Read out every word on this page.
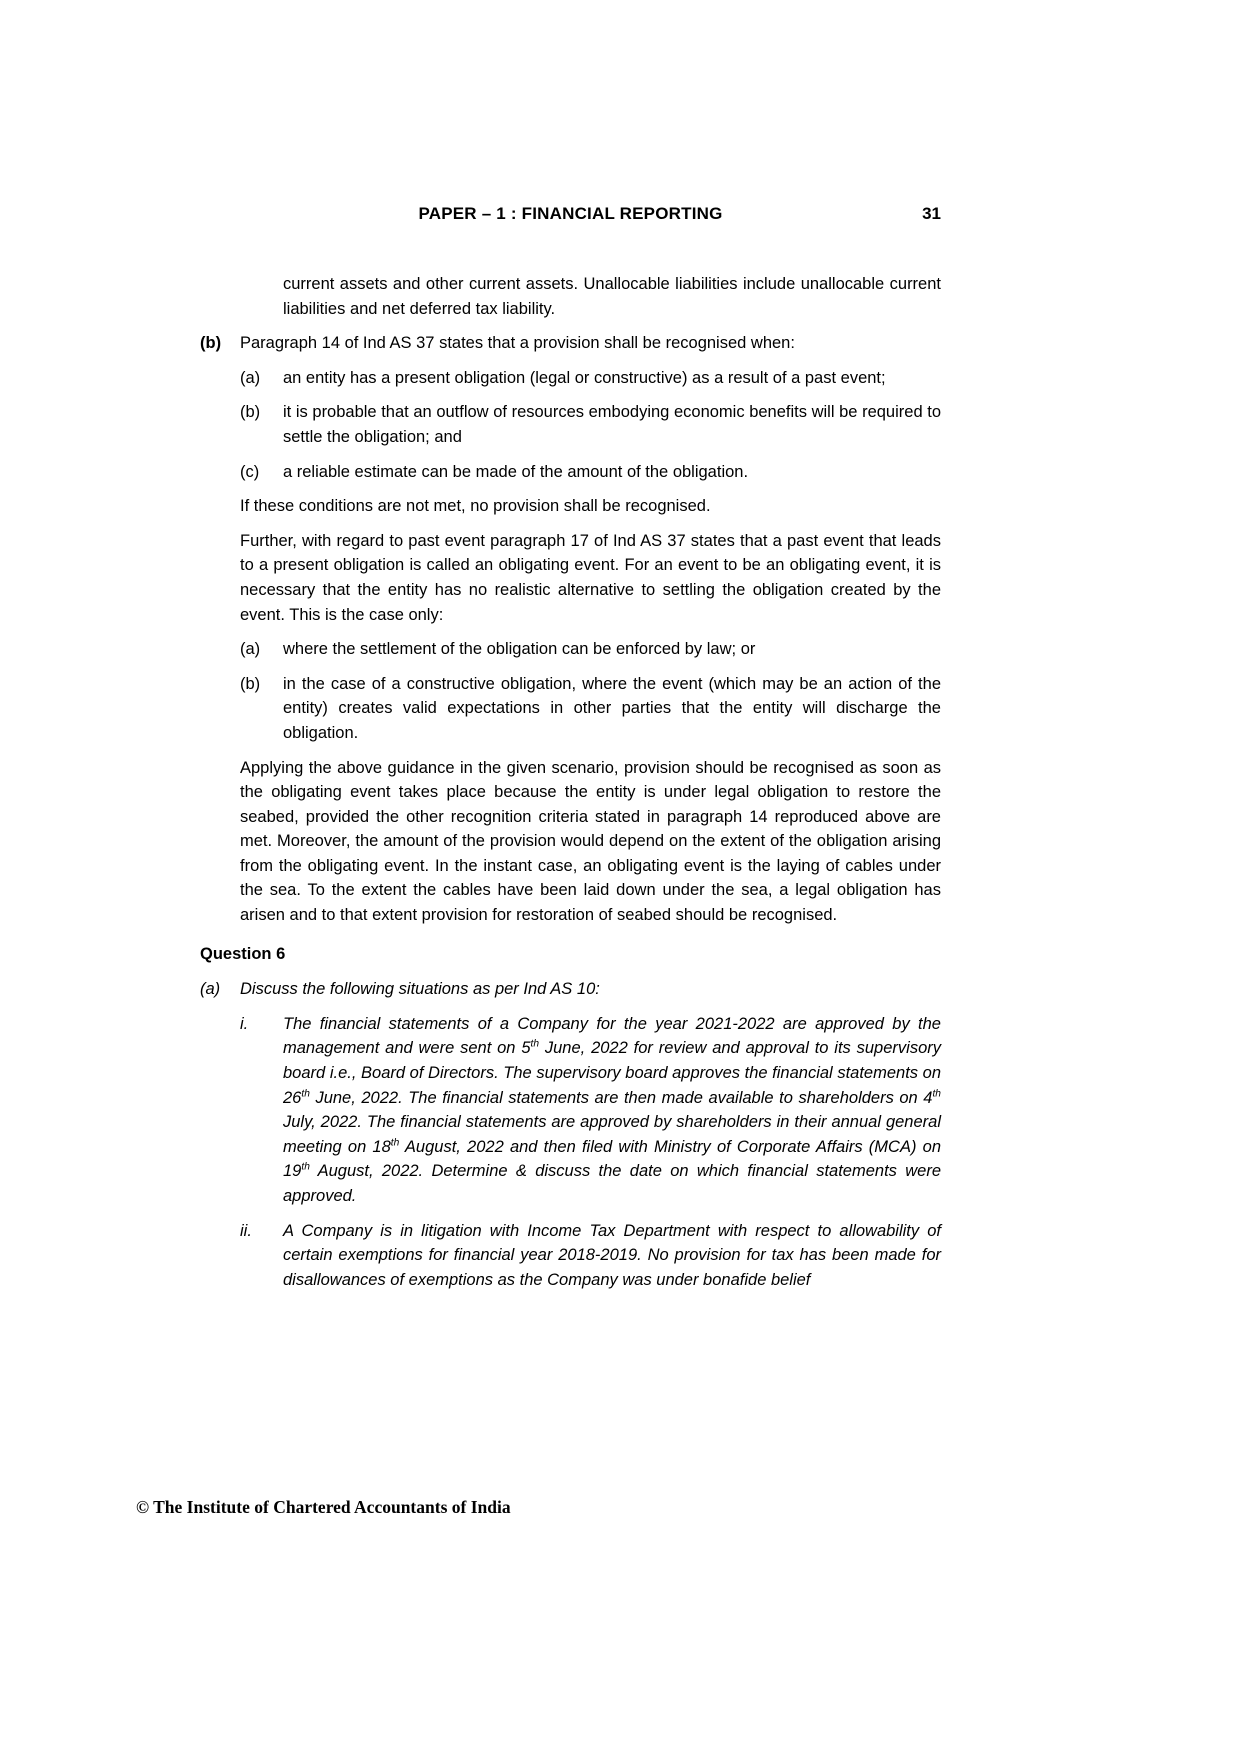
PAPER – 1 : FINANCIAL REPORTING	31

current assets and other current assets. Unallocable liabilities include unallocable current liabilities and net deferred tax liability.

(b)	Paragraph 14 of Ind AS 37 states that a provision shall be recognised when:

(a)	an entity has a present obligation (legal or constructive) as a result of a past event;

(b)	it is probable that an outflow of resources embodying economic benefits will be required to settle the obligation; and

(c)	a reliable estimate can be made of the amount of the obligation.

If these conditions are not met, no provision shall be recognised.

Further, with regard to past event paragraph 17 of Ind AS 37 states that a past event that leads to a present obligation is called an obligating event. For an event to be an obligating event, it is necessary that the entity has no realistic alternative to settling the obligation created by the event. This is the case only:

(a)	where the settlement of the obligation can be enforced by law; or

(b)	in the case of a constructive obligation, where the event (which may be an action of the entity) creates valid expectations in other parties that the entity will discharge the obligation.

Applying the above guidance in the given scenario, provision should be recognised as soon as the obligating event takes place because the entity is under legal obligation to restore the seabed, provided the other recognition criteria stated in paragraph 14 reproduced above are met. Moreover, the amount of the provision would depend on the extent of the obligation arising from the obligating event. In the instant case, an obligating event is the laying of cables under the sea. To the extent the cables have been laid down under the sea, a legal obligation has arisen and to that extent provision for restoration of seabed should be recognised.

Question 6
(a)	Discuss the following situations as per Ind AS 10:

i.	The financial statements of a Company for the year 2021-2022 are approved by the management and were sent on 5th June, 2022 for review and approval to its supervisory board i.e., Board of Directors. The supervisory board approves the financial statements on 26th June, 2022. The financial statements are then made available to shareholders on 4th July, 2022. The financial statements are approved by shareholders in their annual general meeting on 18th August, 2022 and then filed with Ministry of Corporate Affairs (MCA) on 19th August, 2022. Determine & discuss the date on which financial statements were approved.

ii.	A Company is in litigation with Income Tax Department with respect to allowability of certain exemptions for financial year 2018-2019. No provision for tax has been made for disallowances of exemptions as the Company was under bonafide belief

© The Institute of Chartered Accountants of India
